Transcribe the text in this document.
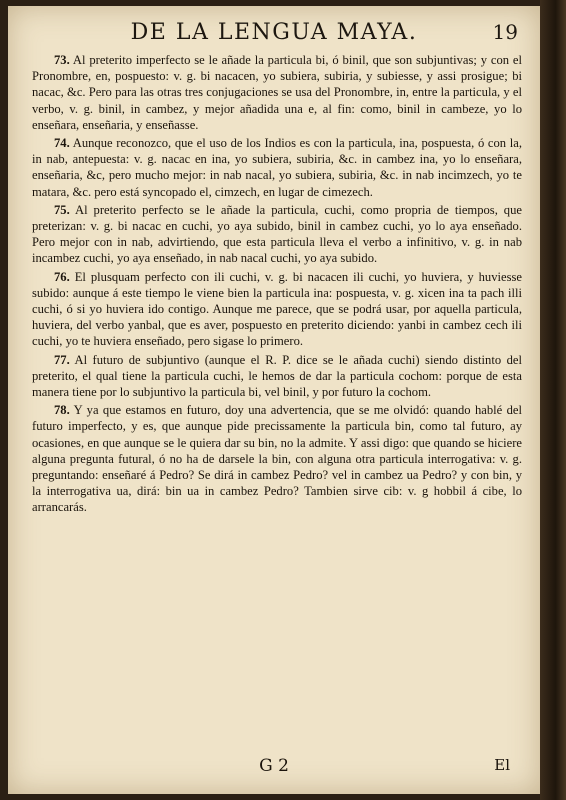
DE LA LENGUA MAYA.	19

73. Al preterito imperfecto se le añade la particula bi, ó binil, que son subjuntivas; y con el Pronombre, en, pospuesto: v. g. bi nacacen, yo subiera, subiria, y subiesse, y assi prosigue; bi nacac, &c. Pero para las otras tres conjugaciones se usa del Pronombre, in, entre la particula, y el verbo, v. g. binil, in cambez, y mejor añadida una e, al fin: como, binil in cambeze, yo lo enseñara, enseñaria, y enseñasse.

74. Aunque reconozco, que el uso de los Indios es con la particula, ina, pospuesta, ó con la, in nab, antepuesta: v. g. nacac en ina, yo subiera, subiria, &c. in cambez ina, yo lo enseñara, enseñaria, &c, pero mucho mejor: in nab nacal, yo subiera, subiria, &c. in nab incimzech, yo te matara, &c. pero está syncopado el, cimzech, en lugar de cimezech.

75. Al preterito perfecto se le añade la particula, cuchi, como propria de tiempos, que preterizan: v. g. bi nacac en cuchi, yo aya subido, binil in cambez cuchi, yo lo aya enseñado. Pero mejor con in nab, advirtiendo, que esta particula lleva el verbo a infinitivo, v. g. in nab incambez cuchi, yo aya enseñado, in nab nacal cuchi, yo aya subido.

76. El plusquam perfecto con ili cuchi, v. g. bi nacacen ili cuchi, yo huviera, y huviesse subido: aunque á este tiempo le viene bien la particula ina: pospuesta, v. g. xicen ina ta pach illi cuchi, ó si yo huviera ido contigo. Aunque me parece, que se podrá usar, por aquella particula, huviera, del verbo yanbal, que es aver, pospuesto en preterito diciendo: yanbi in cambez cech ili cuchi, yo te huviera enseñado, pero sigase lo primero.

77. Al futuro de subjuntivo (aunque el R. P. dice se le añada cuchi) siendo distinto del preterito, el qual tiene la particula cuchi, le hemos de dar la particula cochom: porque de esta manera tiene por lo subjuntivo la particula bi, vel binil, y por futuro la cochom.

78. Y ya que estamos en futuro, doy una advertencia, que se me olvidó: quando hablé del futuro imperfecto, y es, que aunque pide precissamente la particula bin, como tal futuro, ay ocasiones, en que aunque se le quiera dar su bin, no la admite. Y assi digo: que quando se hiciere alguna pregunta futural, ó no ha de darsele la bin, con alguna otra particula interrogativa: v. g. preguntando: enseñaré á Pedro? Se dirá in cambez Pedro? vel in cambez ua Pedro? y con bin, y la interrogativa ua, dirá: bin ua in cambez Pedro? Tambien sirve cib: v. g hobbil á cibe, lo arrancarás.

G 2	El
